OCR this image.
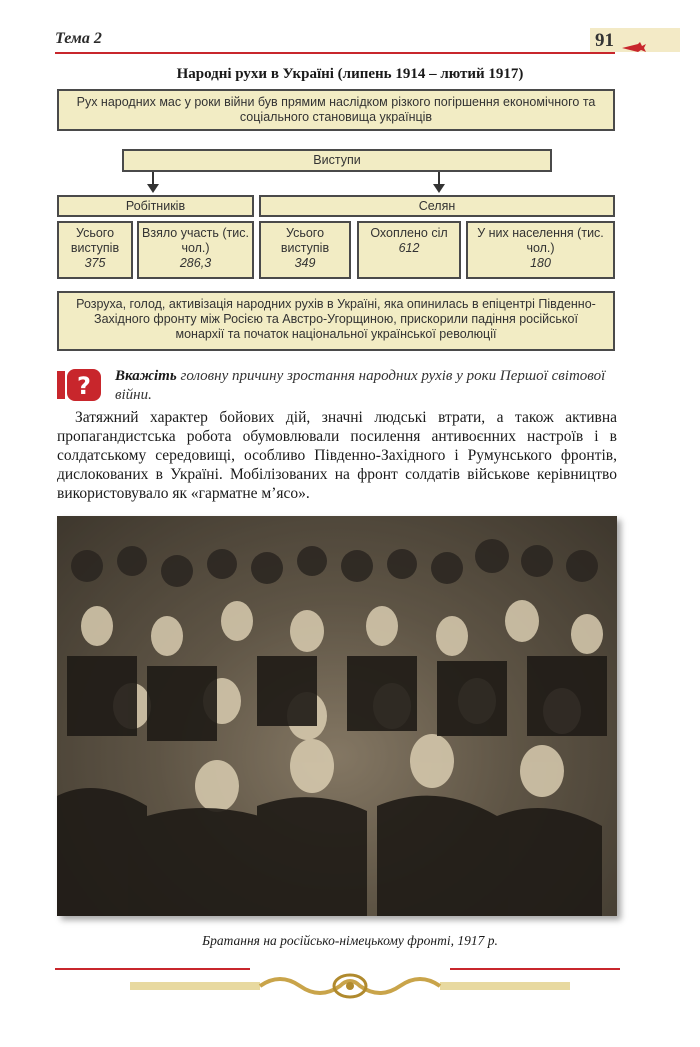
Тема 2	91
Народні рухи в Україні (липень 1914 – лютий 1917)
Рух народних мас у роки війни був прямим наслідком різкого погіршення економічного та соціального становища українців
Виступи
Робітників	Селян
Усього виступів
375
Взяло участь (тис. чол.)
286,3
Усього виступів
349
Охоплено сіл
612
У них населення (тис. чол.)
180
Розруха, голод, активізація народних рухів в Україні, яка опинилась в епіцентрі Південно-Західного фронту між Росією та Австро-Угорщиною, прискорили падіння російської монархії та початок національної української революції
? Вкажіть головну причину зростання народних рухів у роки Першої світової війни.
Затяжний характер бойових дій, значні людські втрати, а також активна пропагандистська робота обумовлювали посилення антивоєнних настроїв і в солдатському середовищі, особливо Південно-Західного і Румунського фронтів, дислокованих в Україні. Мобілізованих на фронт солдатів військове керівництво використовувало як «гарматне м’ясо».
Братання на російсько-німецькому фронті, 1917 р.
